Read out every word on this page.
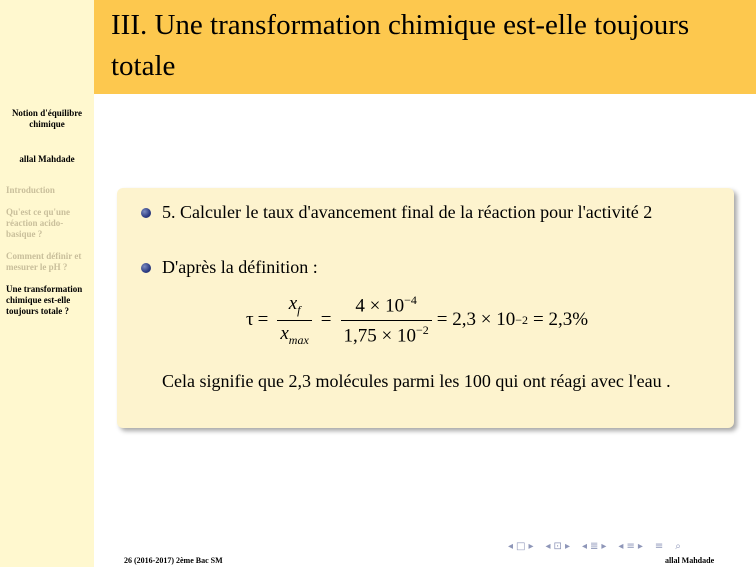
Notion d'équilibre chimique
allal Mahdade
Introduction
Qu'est ce qu'une réaction acido-basique ?
Comment définir et mesurer le pH ?
Une transformation chimique est-elle toujours totale ?
III. Une transformation chimique est-elle toujours totale
5. Calculer le taux d'avancement final de la réaction pour l'activité 2
D'après la définition :
$\tau = \frac{x_f}{x_{max}} = \frac{4 \times 10^{-4}}{1,75 \times 10^{-2}} = 2,3 \times 10 -2 = 2,3\%$
Cela signifie que 2,3 molécules parmi les 100 qui ont réagi avec l'eau .
◂ □ ▸ ◂ ⊡ ▸ ◂ ≣ ▸ ◂ ≡ ▸ ≡ ⌕
26 (2016-2017) 2ème Bac SM	allal Mahdade
